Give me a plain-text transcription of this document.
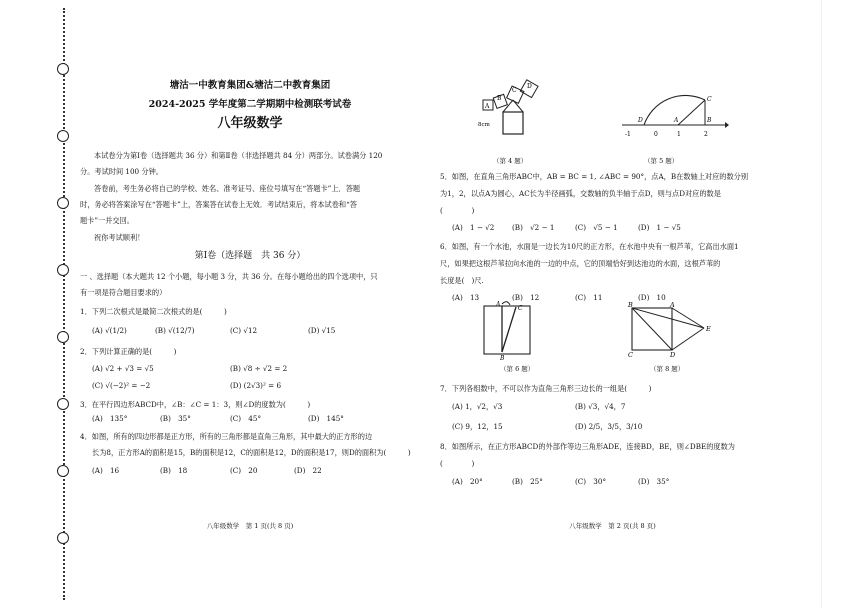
塘沽一中教育集团&塘沽二中教育集团
2024-2025 学年度第二学期期中检测联考试卷
八年级数学
本试卷分为第Ⅰ卷（选择题共 36 分）和第Ⅱ卷（非选择题共 84 分）两部分。试卷满分 120
分。考试时间 100 分钟。
答卷前，考生务必将自己的学校、姓名、准考证号、座位号填写在“答题卡”上．答题
时，务必将答案涂写在“答题卡”上，答案答在试卷上无效．考试结束后，将本试卷和“答
题卡”一并交回。
祝你考试顺利！
第Ⅰ卷（选择题　共 36 分）
一 、选择题（本大题共 12 个小题，每小题 3 分，共 36 分。在每小题给出的四个选项中，只
有一项是符合题目要求的）
1．下列二次根式是最简二次根式的是(　　　)
(A) √(1/2)	(B) √(12/7)	(C) √12	(D) √15
2．下列计算正确的是(　　　)
(A) √2 + √3 = √5	(B) √8 ÷ √2 = 2
(C) √(−2)² = −2	(D) (2√3)² = 6
3．在平行四边形ABCD中，∠B：∠C = 1：3，则∠D的度数为(　　　)
(A)　135°	(B)　35°	(C)　45°	(D)　145°
4．如图，所有的四边形都是正方形，所有的三角形都是直角三角形，其中最大的正方形的边
长为8，正方形A的面积是15，B的面积是12，C的面积是12，D的面积是17，则D的面积为(　　　)
(A)　16	(B)　18	(C)　20	(D)　22
八年级数学　第 1 页(共 8 页)
A
B
C
D
8cm
（第 4 题）
-1	0	1	2
D	A	B
C
（第 5 题）
5．如图，在直角三角形ABC中，AB = BC = 1, ∠ABC = 90°，点A，B在数轴上对应的数分别
为1，2，以点A为圆心，AC长为半径画弧，交数轴的负半轴于点D，则与点D对应的数是
(　　　　)
(A)　1 − √2 (B)　√2 − 1	(C)　√5 − 1	(D)　1 − √5
6．如图，有一个水池，水面是一边长为10尺的正方形，在水池中央有一根芦苇，它高出水面1
尺，如果把这根芦苇拉向水池的一边的中点，它的顶端恰好到达池边的水面，这根芦苇的
长度是(　)尺.
(A)　13	(B)　12	(C)　11	(D)　10
A
B
C
（第 6 题）
B	A
E
C	D
（第 8 题）
7．下列各组数中，不可以作为直角三角形三边长的一组是(　　　)
(A) 1，√2，√3	(B) √3，√4，7
(C) 9，12，15	(D) 2/5，3/5，3/10
8．如图所示，在正方形ABCD的外部作等边三角形ADE，连接BD，BE，则∠DBE的度数为
(　　　　)
(A)　20°	(B)　25°	(C)　30°	(D)　35°
八年级数学　第 2 页(共 8 页)
